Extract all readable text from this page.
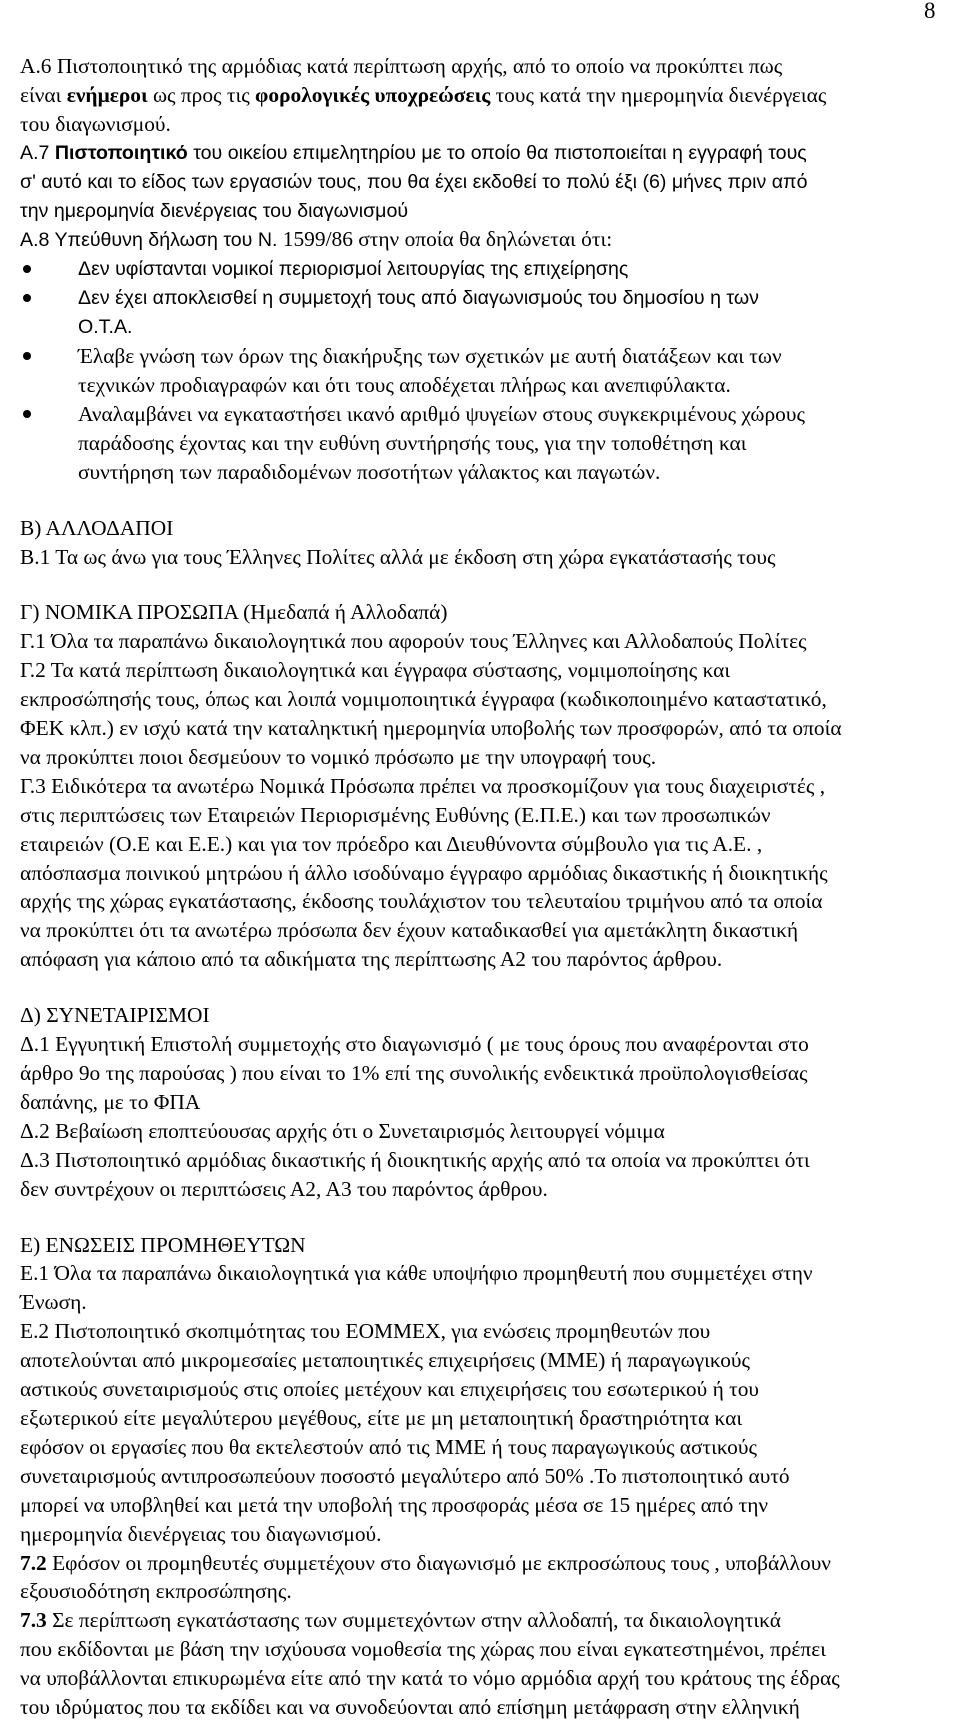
8
Α.6 Πιστοποιητικό της αρμόδιας κατά περίπτωση αρχής, από το οποίο να προκύπτει πως
είναι ενήμεροι ως προς τις φορολογικές υποχρεώσεις τους κατά την ημερομηνία διενέργειας
του διαγωνισμού.
Α.7 Πιστοποιητικό του οικείου επιμελητηρίου με το οποίο θα πιστοποιείται η εγγραφή τους
σ' αυτό και το είδος των εργασιών τους, που θα έχει εκδοθεί το πολύ έξι (6) μήνες πριν από
την ημερομηνία διενέργειας του διαγωνισμού
Α.8 Υπεύθυνη δήλωση του Ν. 1599/86 στην οποία θα δηλώνεται ότι:
Δεν υφίστανται νομικοί περιορισμοί λειτουργίας της επιχείρησης
Δεν έχει αποκλεισθεί η συμμετοχή τους από διαγωνισμούς του δημοσίου η των
Ο.Τ.Α.
Έλαβε γνώση των όρων της διακήρυξης των σχετικών με αυτή διατάξεων και των
τεχνικών προδιαγραφών και ότι τους αποδέχεται πλήρως και ανεπιφύλακτα.
Αναλαμβάνει να εγκαταστήσει ικανό αριθμό ψυγείων στους συγκεκριμένους χώρους
παράδοσης έχοντας και την ευθύνη συντήρησής τους, για την τοποθέτηση και
συντήρηση των παραδιδομένων ποσοτήτων γάλακτος και παγωτών.
Β) ΑΛΛΟΔΑΠΟΙ
Β.1 Τα ως άνω για τους Έλληνες Πολίτες αλλά με έκδοση στη χώρα εγκατάστασής τους
Γ) ΝΟΜΙΚΑ ΠΡΟΣΩΠΑ (Ημεδαπά ή Αλλοδαπά)
Γ.1 Όλα τα παραπάνω δικαιολογητικά που αφορούν τους Έλληνες και Αλλοδαπούς Πολίτες
Γ.2 Τα κατά περίπτωση δικαιολογητικά και έγγραφα σύστασης, νομιμοποίησης και
εκπροσώπησής τους, όπως και λοιπά νομιμοποιητικά έγγραφα (κωδικοποιημένο καταστατικό,
ΦΕΚ κλπ.) εν ισχύ κατά την καταληκτική ημερομηνία υποβολής των προσφορών, από τα οποία
να προκύπτει ποιοι δεσμεύουν το νομικό πρόσωπο με την υπογραφή τους.
Γ.3 Ειδικότερα τα ανωτέρω Νομικά Πρόσωπα πρέπει να προσκομίζουν για τους διαχειριστές ,
στις περιπτώσεις των Εταιρειών Περιορισμένης Ευθύνης (Ε.Π.Ε.) και των προσωπικών
εταιρειών (Ο.Ε και Ε.Ε.) και για τον πρόεδρο και Διευθύνοντα σύμβουλο για τις Α.Ε. ,
απόσπασμα ποινικού μητρώου ή άλλο ισοδύναμο έγγραφο αρμόδιας δικαστικής ή διοικητικής
αρχής της χώρας εγκατάστασης, έκδοσης τουλάχιστον του τελευταίου τριμήνου από τα οποία
να προκύπτει ότι τα ανωτέρω πρόσωπα δεν έχουν καταδικασθεί για αμετάκλητη δικαστική
απόφαση για κάποιο από τα αδικήματα της περίπτωσης Α2 του παρόντος άρθρου.
Δ) ΣΥΝΕΤΑΙΡΙΣΜΟΙ
Δ.1 Εγγυητική Επιστολή συμμετοχής στο διαγωνισμό ( με τους όρους που αναφέρονται στο
άρθρο 9ο της παρούσας ) που είναι το 1% επί της συνολικής ενδεικτικά προϋπολογισθείσας
δαπάνης, με το ΦΠΑ
Δ.2 Βεβαίωση εποπτεύουσας αρχής ότι ο Συνεταιρισμός λειτουργεί νόμιμα
Δ.3 Πιστοποιητικό αρμόδιας δικαστικής ή διοικητικής αρχής από τα οποία να προκύπτει ότι
δεν συντρέχουν οι περιπτώσεις Α2, Α3 του παρόντος άρθρου.
Ε) ΕΝΩΣΕΙΣ ΠΡΟΜΗΘΕΥΤΩΝ
Ε.1 Όλα τα παραπάνω δικαιολογητικά για κάθε υποψήφιο προμηθευτή που συμμετέχει στην
Ένωση.
Ε.2 Πιστοποιητικό σκοπιμότητας του ΕΟΜΜΕΧ, για ενώσεις προμηθευτών που
αποτελούνται από μικρομεσαίες μεταποιητικές επιχειρήσεις (ΜΜΕ) ή παραγωγικούς
αστικούς συνεταιρισμούς στις οποίες μετέχουν και επιχειρήσεις του εσωτερικού ή του
εξωτερικού είτε μεγαλύτερου μεγέθους, είτε με μη μεταποιητική δραστηριότητα και
εφόσον οι εργασίες που θα εκτελεστούν από τις ΜΜΕ ή τους παραγωγικούς αστικούς
συνεταιρισμούς αντιπροσωπεύουν ποσοστό μεγαλύτερο από 50% .Το πιστοποιητικό αυτό
μπορεί να υποβληθεί και μετά την υποβολή της προσφοράς μέσα σε 15 ημέρες από την
ημερομηνία διενέργειας του διαγωνισμού.
7.2 Εφόσον οι προμηθευτές συμμετέχουν στο διαγωνισμό με εκπροσώπους τους , υποβάλλουν
εξουσιοδότηση εκπροσώπησης.
7.3 Σε περίπτωση εγκατάστασης των συμμετεχόντων στην αλλοδαπή, τα δικαιολογητικά
που εκδίδονται με βάση την ισχύουσα νομοθεσία της χώρας που είναι εγκατεστημένοι, πρέπει
να υποβάλλονται επικυρωμένα είτε από την κατά το νόμο αρμόδια αρχή του κράτους της έδρας
του ιδρύματος που τα εκδίδει και να συνοδεύονται από επίσημη μετάφραση στην ελληνική
